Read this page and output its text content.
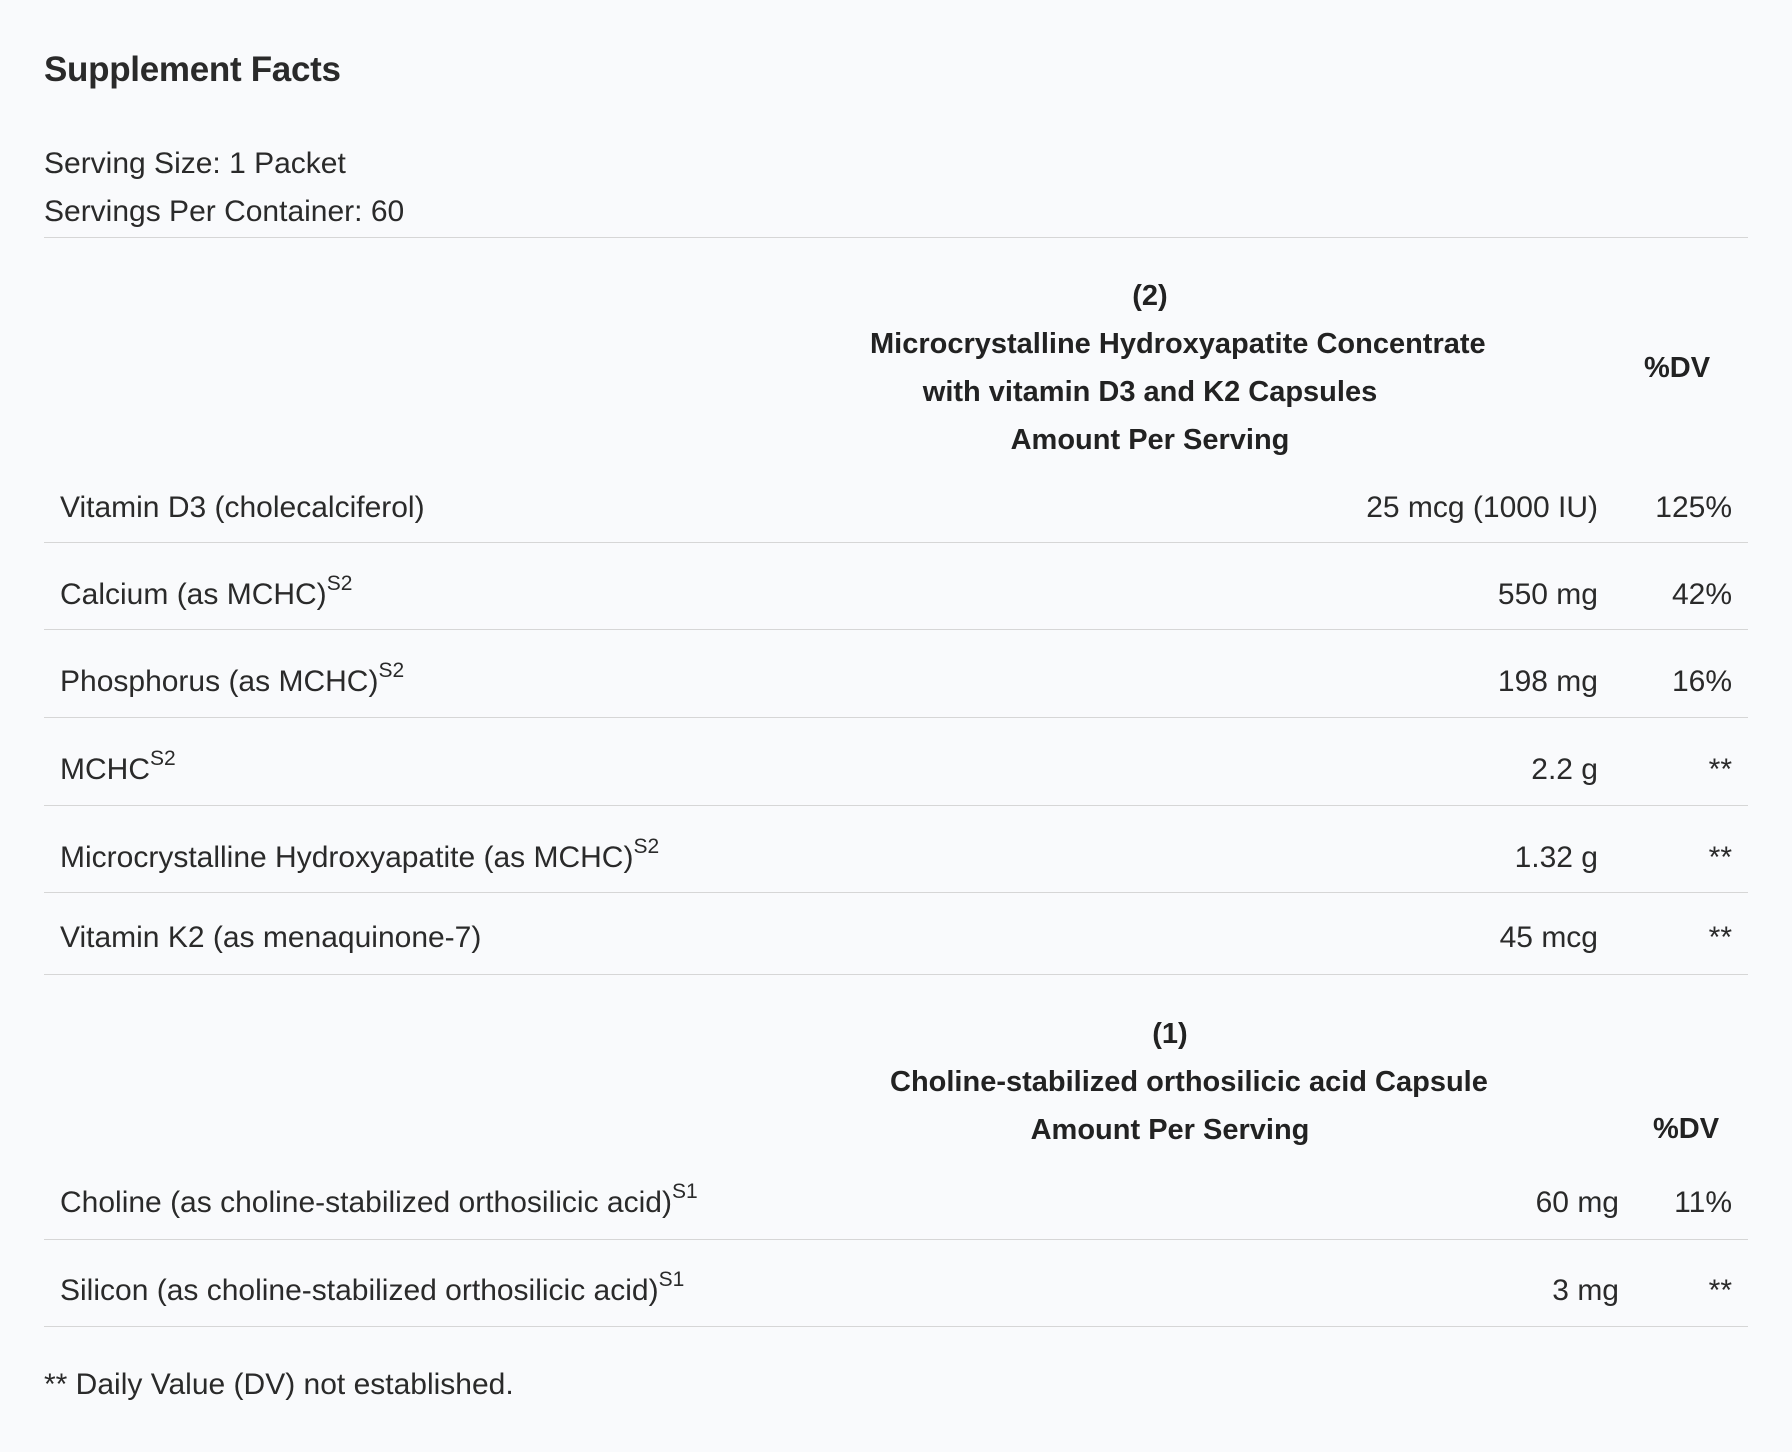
Supplement Facts
Serving Size: 1 Packet
Servings Per Container: 60
(2)
Microcrystalline Hydroxyapatite Concentrate
with vitamin D3 and K2 Capsules
Amount Per Serving
%DV
Vitamin D3 (cholecalciferol)	25 mcg (1000 IU) 125%
Calcium (as MCHC)$^{S2}$	550 mg 42%
Phosphorus (as MCHC)$^{S2}$	198 mg 16%
$MCHC^{S2}$	2.2 g	**
Microcrystalline Hydroxyapatite (as MCHC)$^{S2}$	1.32 g	**
Vitamin K2 (as menaquinone-7)	45 mcg	**
(1)
Choline-stabilized orthosilicic acid Capsule
Amount Per Serving	%DV
Choline (as choline-stabilized orthosilicic acid)$^{S1}$	60 mg 11%
Silicon (as choline-stabilized orthosilicic acid)$^{S1}$	3 mg	**
** Daily Value (DV) not established.
